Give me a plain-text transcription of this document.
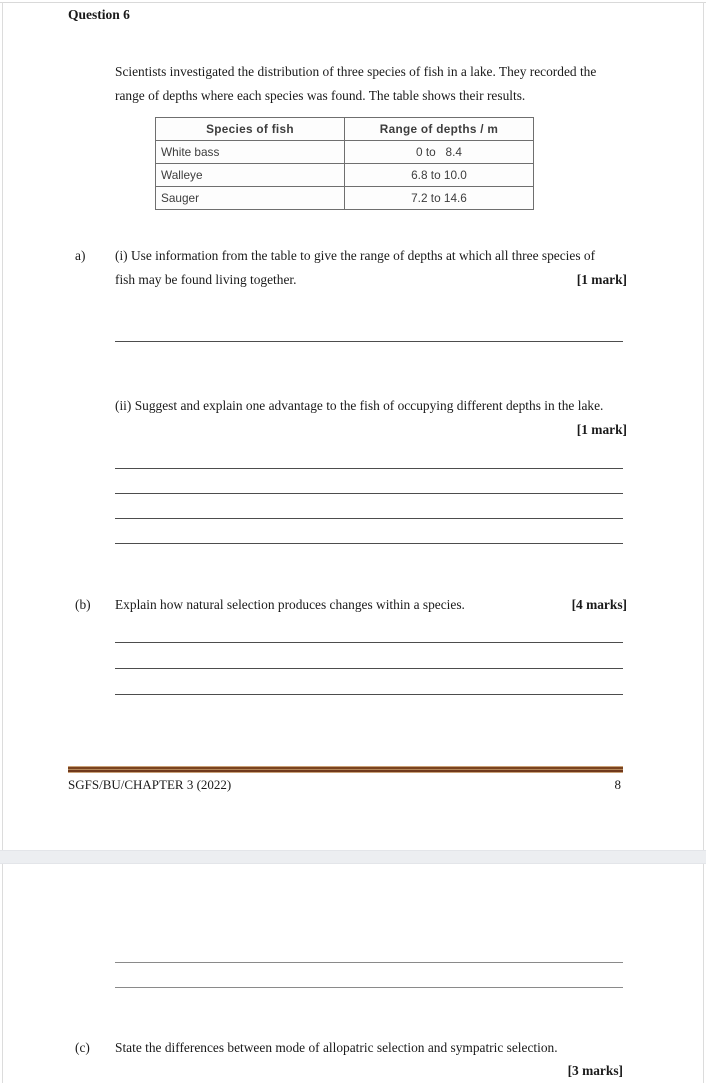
Question 6
Scientists investigated the distribution of three species of fish in a lake. They recorded the
range of depths where each species was found. The table shows their results.
Species of fish	Range of depths / m
White bass	0 to   8.4
Walleye	6.8 to 10.0
Sauger	7.2 to 14.6
a) (i) Use information from the table to give the range of depths at which all three species of
fish may be found living together.	[1 mark]
(ii) Suggest and explain one advantage to the fish of occupying different depths in the lake.
[1 mark]
(b)	Explain how natural selection produces changes within a species.	[4 marks]
SGFS/BU/CHAPTER 3 (2022)	8
(c)	State the differences between mode of allopatric selection and sympatric selection.
[3 marks]
